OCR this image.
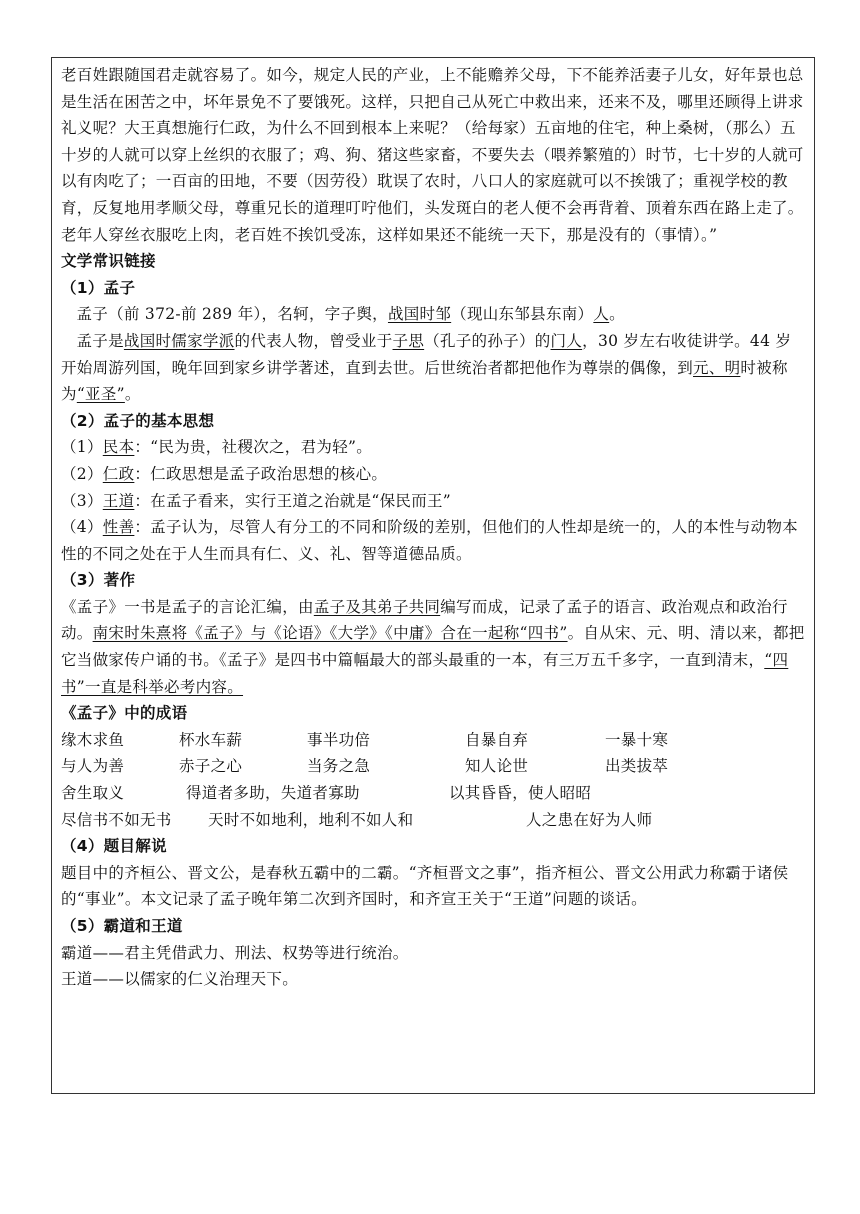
老百姓跟随国君走就容易了。如今，规定人民的产业，上不能赡养父母，下不能养活妻子儿女，好年景也总是生活在困苦之中，坏年景免不了要饿死。这样，只把自己从死亡中救出来，还来不及，哪里还顾得上讲求礼义呢？大王真想施行仁政，为什么不回到根本上来呢？（给每家）五亩地的住宅，种上桑树，（那么）五十岁的人就可以穿上丝织的衣服了；鸡、狗、猪这些家畜，不要失去（喂养繁殖的）时节，七十岁的人就可以有肉吃了；一百亩的田地，不要（因劳役）耽误了农时，八口人的家庭就可以不挨饿了；重视学校的教育，反复地用孝顺父母，尊重兄长的道理叮咛他们，头发斑白的老人便不会再背着、顶着东西在路上走了。老年人穿丝衣服吃上肉，老百姓不挨饥受冻，这样如果还不能统一天下，那是没有的（事情）。”

文学常识链接

（1）孟子

孟子（前 372-前 289 年），名轲，字子舆，战国时邹（现山东邹县东南）人。

孟子是战国时儒家学派的代表人物，曾受业于子思（孔子的孙子）的门人，30 岁左右收徒讲学。44 岁开始周游列国，晚年回到家乡讲学著述，直到去世。后世统治者都把他作为尊崇的偶像，到元、明时被称为“亚圣”。

（2）孟子的基本思想

（1）民本：“民为贵，社稷次之，君为轻”。

（2）仁政：仁政思想是孟子政治思想的核心。

（3）王道：在孟子看来，实行王道之治就是“保民而王”

（4）性善：孟子认为，尽管人有分工的不同和阶级的差别，但他们的人性却是统一的，人的本性与动物本性的不同之处在于人生而具有仁、义、礼、智等道德品质。

（3）著作

《孟子》一书是孟子的言论汇编，由孟子及其弟子共同编写而成，记录了孟子的语言、政治观点和政治行动。南宋时朱熹将《孟子》与《论语》《大学》《中庸》合在一起称“四书”。自从宋、元、明、清以来，都把它当做家传户诵的书。《孟子》是四书中篇幅最大的部头最重的一本，有三万五千多字，一直到清末，“四书”一直是科举必考内容。

《孟子》中的成语

缘木求鱼	杯水车薪	事半功倍	自暴自弃	一暴十寒
与人为善	赤子之心	当务之急	知人论世	出类拔萃
舍生取义	得道者多助，失道者寡助	以其昏昏，使人昭昭
尽信书不如无书	天时不如地利，地利不如人和	人之患在好为人师

（4）题目解说

题目中的齐桓公、晋文公，是春秋五霸中的二霸。“齐桓晋文之事”，指齐桓公、晋文公用武力称霸于诸侯的“事业”。本文记录了孟子晚年第二次到齐国时，和齐宣王关于“王道”问题的谈话。

（5）霸道和王道

霸道——君主凭借武力、刑法、权势等进行统治。

王道——以儒家的仁义治理天下。
